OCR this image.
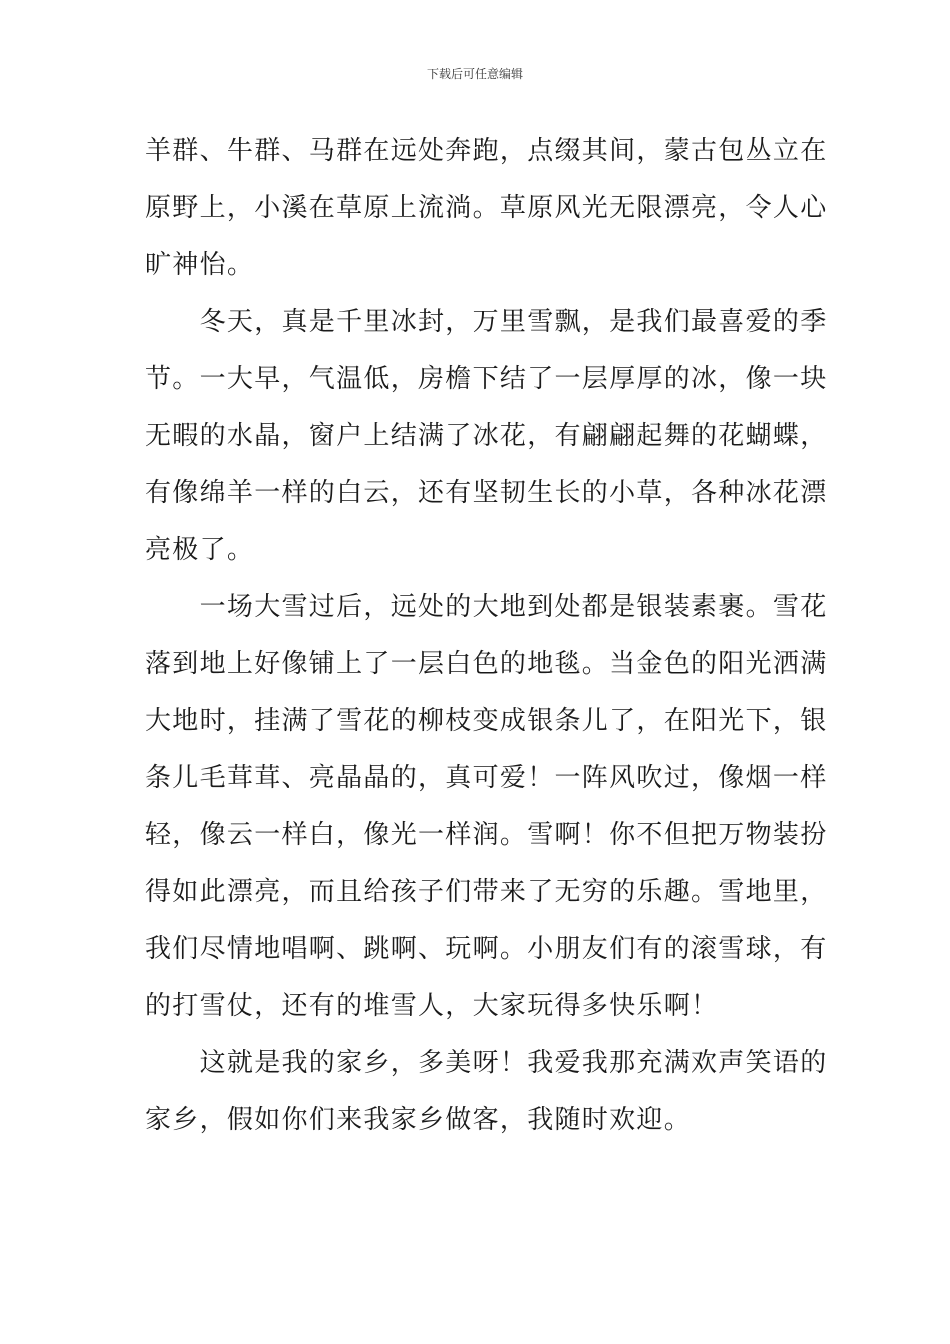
下载后可任意编辑
羊群、牛群、马群在远处奔跑，点缀其间，蒙古包丛立在
原野上，小溪在草原上流淌。草原风光无限漂亮，令人心
旷神怡。
　　冬天，真是千里冰封，万里雪飘，是我们最喜爱的季
节。一大早，气温低，房檐下结了一层厚厚的冰，像一块
无暇的水晶，窗户上结满了冰花，有翩翩起舞的花蝴蝶，
有像绵羊一样的白云，还有坚韧生长的小草，各种冰花漂
亮极了。
　　一场大雪过后，远处的大地到处都是银装素裹。雪花
落到地上好像铺上了一层白色的地毯。当金色的阳光洒满
大地时，挂满了雪花的柳枝变成银条儿了，在阳光下，银
条儿毛茸茸、亮晶晶的，真可爱！一阵风吹过，像烟一样
轻，像云一样白，像光一样润。雪啊！你不但把万物装扮
得如此漂亮，而且给孩子们带来了无穷的乐趣。雪地里，
我们尽情地唱啊、跳啊、玩啊。小朋友们有的滚雪球，有
的打雪仗，还有的堆雪人，大家玩得多快乐啊！
　　这就是我的家乡，多美呀！我爱我那充满欢声笑语的
家乡，假如你们来我家乡做客，我随时欢迎。
